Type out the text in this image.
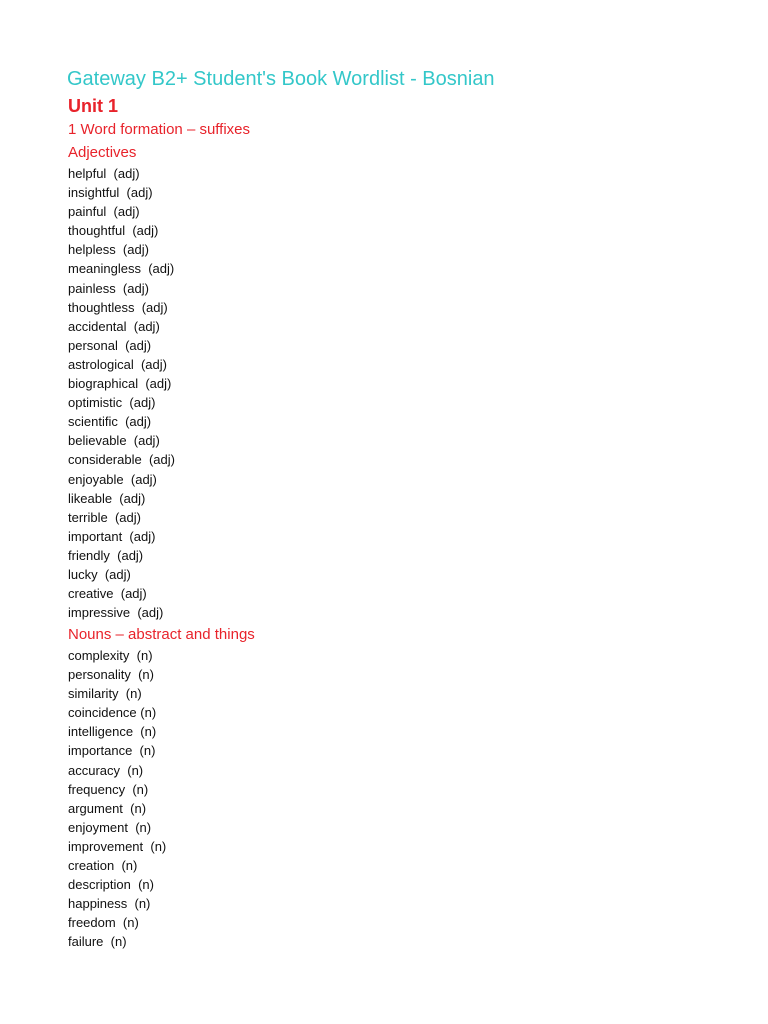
Gateway B2+ Student's Book Wordlist - Bosnian
Unit 1
1 Word formation – suffixes
Adjectives
helpful  (adj)
insightful  (adj)
painful  (adj)
thoughtful  (adj)
helpless  (adj)
meaningless  (adj)
painless  (adj)
thoughtless  (adj)
accidental  (adj)
personal  (adj)
astrological  (adj)
biographical  (adj)
optimistic  (adj)
scientific  (adj)
believable  (adj)
considerable  (adj)
enjoyable  (adj)
likeable  (adj)
terrible  (adj)
important  (adj)
friendly  (adj)
lucky  (adj)
creative  (adj)
impressive  (adj)
Nouns – abstract and things
complexity  (n)
personality  (n)
similarity  (n)
coincidence (n)
intelligence  (n)
importance  (n)
accuracy  (n)
frequency  (n)
argument  (n)
enjoyment  (n)
improvement  (n)
creation  (n)
description  (n)
happiness  (n)
freedom  (n)
failure  (n)
